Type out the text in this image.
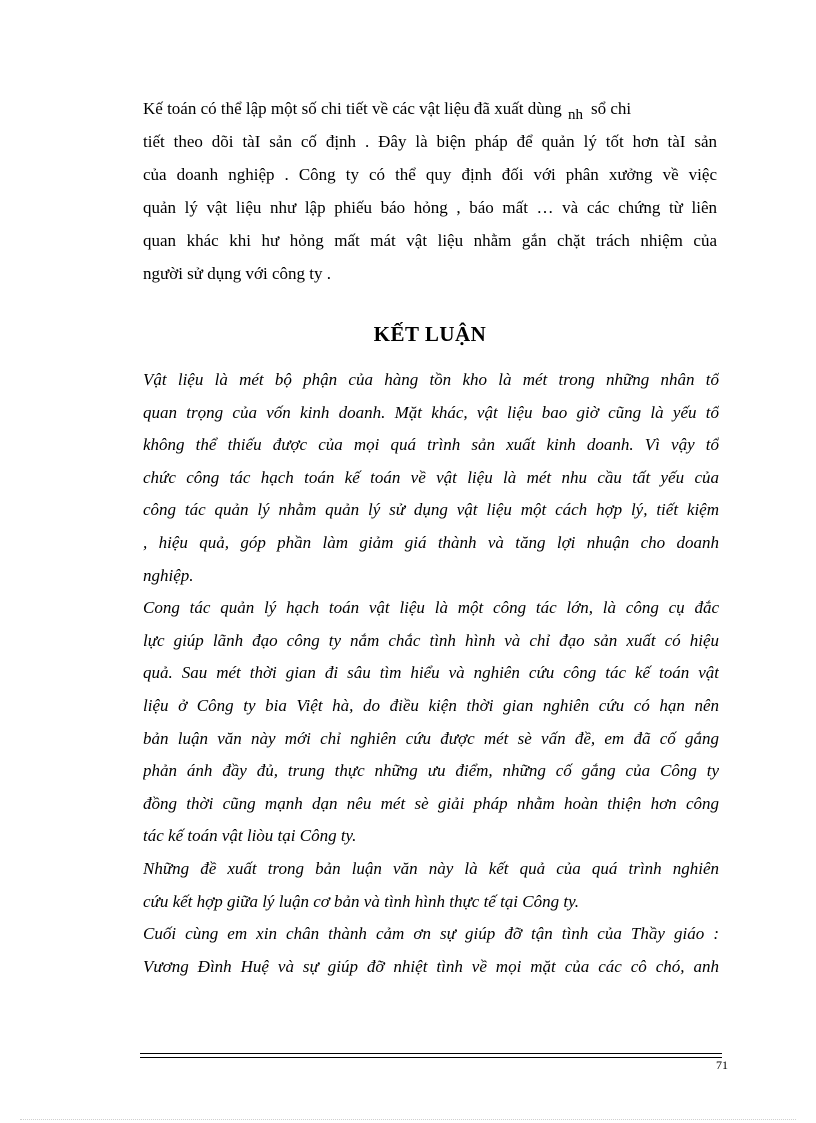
Kế toán có thể lập một số chi tiết về các vật liệu đã xuất dùng nh sổ chi
tiết theo dõi tàI sản cố định . Đây là biện pháp để quản lý tốt hơn tàI sản
của doanh nghiệp . Công ty có thể quy định đối với phân xưởng về việc
quản lý vật liệu như lập phiếu báo hỏng , báo mất … và các chứng từ liên
quan khác khi hư hỏng mất mát vật liệu nhằm gắn chặt trách nhiệm của
người sử dụng với công ty .
KẾT LUẬN
Vật liệu là mét bộ phận của hàng tồn kho là mét trong những nhân tố
quan trọng của vốn kinh doanh. Mặt khác, vật liệu bao giờ cũng là yếu tố
không thể thiếu được của mọi quá trình sản xuất kinh doanh. Vì vậy tổ
chức công tác hạch toán kế toán về vật liệu là mét nhu cầu tất yếu của
công tác quản lý nhằm quản lý sử dụng vật liệu một cách hợp lý, tiết kiệm
, hiệu quả, góp phần làm giảm giá thành và tăng lợi nhuận cho doanh
nghiệp.
Cong tác quản lý hạch toán vật liệu là một công tác lớn, là công cụ đắc
lực giúp lãnh đạo công ty nắm chắc tình hình và chỉ đạo sản xuất có hiệu
quả. Sau mét thời gian đi sâu tìm hiểu và nghiên cứu công tác kế toán vật
liệu ở Công ty bia Việt hà, do điều kiện thời gian nghiên cứu có hạn nên
bản luận văn này mới chỉ nghiên cứu được mét sè vấn đề, em đã cố gắng
phản ánh đầy đủ, trung thực những ưu điểm, những cố gắng của Công ty
đồng thời cũng mạnh dạn nêu mét sè giải pháp nhằm hoàn thiện hơn công
tác kế toán vật liòu tại Công ty.
Những đề xuất trong bản luận văn này là kết quả của quá trình nghiên
cứu kết hợp giữa lý luận cơ bản và tình hình thực tế tại Công ty.
Cuối cùng em xin chân thành cảm ơn sự giúp đỡ tận tình của Thầy giáo :
Vương Đình Huệ và sự giúp đỡ nhiệt tình về mọi mặt của các cô chó, anh
71
